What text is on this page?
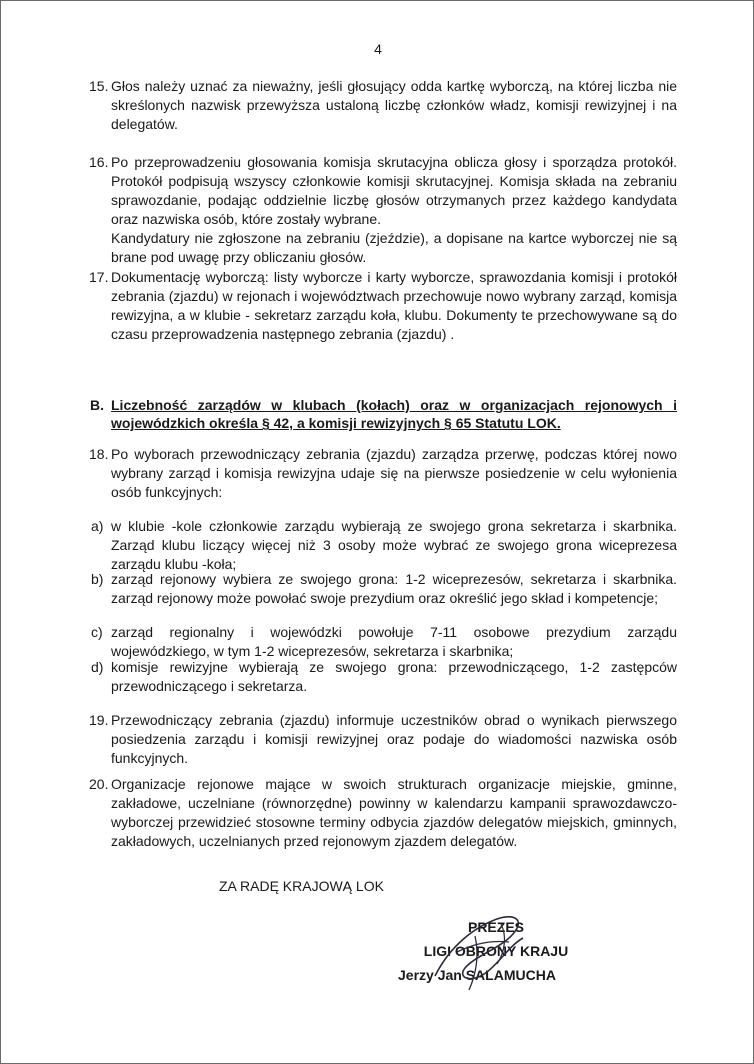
4
15. Głos należy uznać za nieważny, jeśli głosujący odda kartkę wyborczą, na której liczba nie skreślonych nazwisk przewyższa ustaloną liczbę członków władz, komisji rewizyjnej i na delegatów.
16. Po przeprowadzeniu głosowania komisja skrutacyjna oblicza głosy i sporządza protokół. Protokół podpisują wszyscy członkowie komisji skrutacyjnej. Komisja składa na zebraniu sprawozdanie, podając oddzielnie liczbę głosów otrzymanych przez każdego kandydata oraz nazwiska osób, które zostały wybrane.
Kandydatury nie zgłoszone na zebraniu (zjeździe), a dopisane na kartce wyborczej nie są brane pod uwagę przy obliczaniu głosów.
17. Dokumentację wyborczą: listy wyborcze i karty wyborcze, sprawozdania komisji i protokół zebrania (zjazdu) w rejonach i województwach przechowuje nowo wybrany zarząd, komisja rewizyjna, a w klubie - sekretarz zarządu koła, klubu. Dokumenty te przechowywane są do czasu przeprowadzenia następnego zebrania (zjazdu) .
B. Liczebność zarządów w klubach (kołach) oraz w organizacjach rejonowych i wojewódzkich określa § 42, a komisji rewizyjnych § 65 Statutu LOK.
18. Po wyborach przewodniczący zebrania (zjazdu) zarządza przerwę, podczas której nowo wybrany zarząd i komisja rewizyjna udaje się na pierwsze posiedzenie w celu wyłonienia osób funkcyjnych:
a) w klubie -kole członkowie zarządu wybierają ze swojego grona sekretarza i skarbnika. Zarząd klubu liczący więcej niż 3 osoby może wybrać ze swojego grona wiceprezesa zarządu klubu -koła;
b) zarząd rejonowy wybiera ze swojego grona: 1-2 wiceprezesów, sekretarza i skarbnika. zarząd rejonowy może powołać swoje prezydium oraz określić jego skład i kompetencje;
c) zarząd regionalny i wojewódzki powołuje 7-11 osobowe prezydium zarządu wojewódzkiego, w tym 1-2 wiceprezesów, sekretarza i skarbnika;
d) komisje rewizyjne wybierają ze swojego grona: przewodniczącego, 1-2 zastępców przewodniczącego i sekretarza.
19. Przewodniczący zebrania (zjazdu) informuje uczestników obrad o wynikach pierwszego posiedzenia zarządu i komisji rewizyjnej oraz podaje do wiadomości nazwiska osób funkcyjnych.
20. Organizacje rejonowe mające w swoich strukturach organizacje miejskie, gminne, zakładowe, uczelniane (równorzędne) powinny w kalendarzu kampanii sprawozdawczo-wyborczej przewidzieć stosowne terminy odbycia zjazdów delegatów miejskich, gminnych, zakładowych, uczelnianych przed rejonowym zjazdem delegatów.
ZA RADĘ KRAJOWĄ LOK
PREZES
LIGI OBRONY KRAJU
Jerzy Jan SALAMUCHA
